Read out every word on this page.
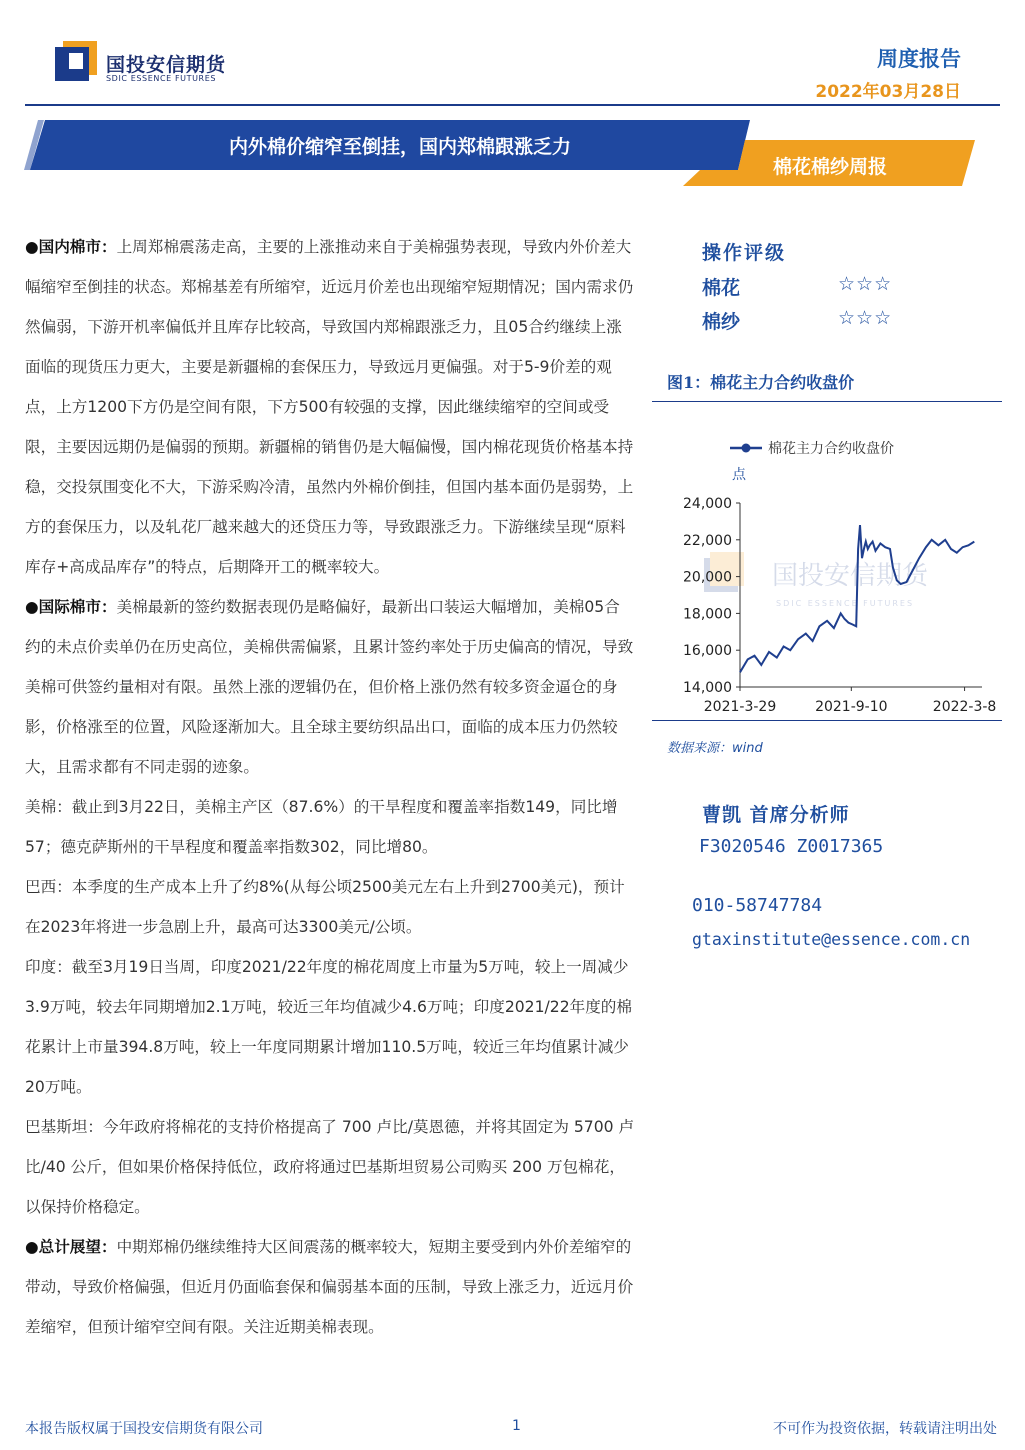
国投安信期货
SDIC ESSENCE FUTURES
周度报告
2022年03月28日
内外棉价缩窄至倒挂，国内郑棉跟涨乏力
棉花棉纱周报

●国内棉市：上周郑棉震荡走高，主要的上涨推动来自于美棉强势表现，导致内外价差大幅缩窄至倒挂的状态。郑棉基差有所缩窄，近远月价差也出现缩窄短期情况；国内需求仍然偏弱，下游开机率偏低并且库存比较高，导致国内郑棉跟涨乏力，且05合约继续上涨面临的现货压力更大，主要是新疆棉的套保压力，导致远月更偏强。对于5-9价差的观点，上方1200下方仍是空间有限，下方500有较强的支撑，因此继续缩窄的空间或受限，主要因远期仍是偏弱的预期。新疆棉的销售仍是大幅偏慢，国内棉花现货价格基本持稳，交投氛围变化不大，下游采购冷清，虽然内外棉价倒挂，但国内基本面仍是弱势，上方的套保压力，以及轧花厂越来越大的还贷压力等，导致跟涨乏力。下游继续呈现“原料库存+高成品库存”的特点，后期降开工的概率较大。

●国际棉市：美棉最新的签约数据表现仍是略偏好，最新出口装运大幅增加，美棉05合约的未点价卖单仍在历史高位，美棉供需偏紧，且累计签约率处于历史偏高的情况，导致美棉可供签约量相对有限。虽然上涨的逻辑仍在，但价格上涨仍然有较多资金逼仓的身影，价格涨至的位置，风险逐渐加大。且全球主要纺织品出口，面临的成本压力仍然较大，且需求都有不同走弱的迹象。

美棉：截止到3月22日，美棉主产区（87.6%）的干旱程度和覆盖率指数149，同比增57；德克萨斯州的干旱程度和覆盖率指数302，同比增80。

巴西：本季度的生产成本上升了约8%(从每公顷2500美元左右上升到2700美元)，预计在2023年将进一步急剧上升，最高可达3300美元/公顷。

印度：截至3月19日当周，印度2021/22年度的棉花周度上市量为5万吨，较上一周减少3.9万吨，较去年同期增加2.1万吨，较近三年均值减少4.6万吨；印度2021/22年度的棉花累计上市量394.8万吨，较上一年度同期累计增加110.5万吨，较近三年均值累计减少20万吨。

巴基斯坦：今年政府将棉花的支持价格提高了 700 卢比/莫恩德，并将其固定为 5700 卢比/40 公斤，但如果价格保持低位，政府将通过巴基斯坦贸易公司购买 200 万包棉花，以保持价格稳定。

●总计展望：中期郑棉仍继续维持大区间震荡的概率较大，短期主要受到内外价差缩窄的带动，导致价格偏强，但近月仍面临套保和偏弱基本面的压制，导致上涨乏力，近远月价差缩窄，但预计缩窄空间有限。关注近期美棉表现。

操作评级
棉花	☆☆☆
棉纱	☆☆☆
图1：棉花主力合约收盘价
棉花主力合约收盘价
点
国投安信期货
SDIC ESSENCE FUTURES
14,000
16,000
18,000
20,000
22,000
24,000
2021-3-29	2021-9-10	2022-3-8
数据来源：wind
曹凯 首席分析师
F3020546 Z0017365
010-58747784
gtaxinstitute@essence.com.cn
本报告版权属于国投安信期货有限公司	1	不可作为投资依据，转载请注明出处
